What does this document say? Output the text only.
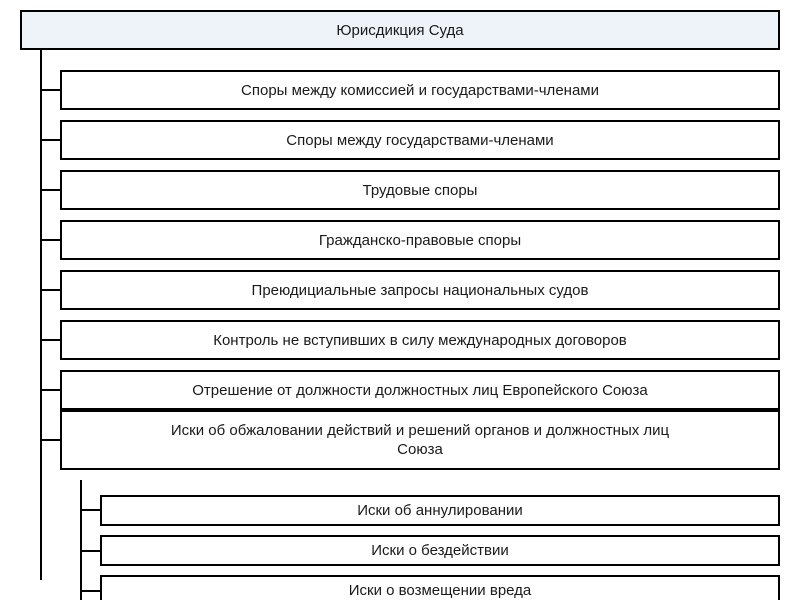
Юрисдикция Суда
Споры между комиссией и государствами-членами
Споры между государствами-членами
Трудовые споры
Гражданско-правовые споры
Преюдициальные запросы национальных судов
Контроль не вступивших в силу международных договоров
Отрешение от должности должностных лиц Европейского Союза
Иски об обжаловании действий и решений органов и должностных лиц
Союза
Иски об аннулировании
Иски о бездействии
Иски о возмещении вреда
